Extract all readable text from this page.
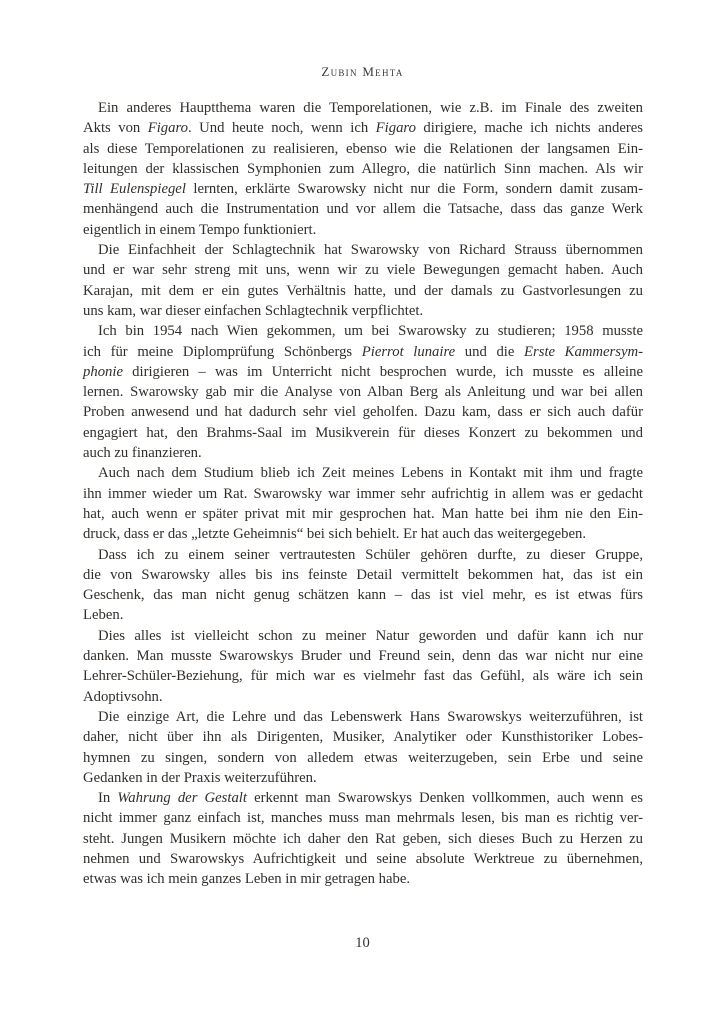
Zubin Mehta
Ein anderes Hauptthema waren die Temporelationen, wie z.B. im Finale des zweiten
Akts von Figaro. Und heute noch, wenn ich Figaro dirigiere, mache ich nichts anderes
als diese Temporelationen zu realisieren, ebenso wie die Relationen der langsamen Ein-
leitungen der klassischen Symphonien zum Allegro, die natürlich Sinn machen. Als wir
Till Eulenspiegel lernten, erklärte Swarowsky nicht nur die Form, sondern damit zusam-
menhängend auch die Instrumentation und vor allem die Tatsache, dass das ganze Werk
eigentlich in einem Tempo funktioniert.
Die Einfachheit der Schlagtechnik hat Swarowsky von Richard Strauss übernommen
und er war sehr streng mit uns, wenn wir zu viele Bewegungen gemacht haben. Auch
Karajan, mit dem er ein gutes Verhältnis hatte, und der damals zu Gastvorlesungen zu
uns kam, war dieser einfachen Schlagtechnik verpflichtet.
Ich bin 1954 nach Wien gekommen, um bei Swarowsky zu studieren; 1958 musste
ich für meine Diplomprüfung Schönbergs Pierrot lunaire und die Erste Kammersym-
phonie dirigieren – was im Unterricht nicht besprochen wurde, ich musste es alleine
lernen. Swarowsky gab mir die Analyse von Alban Berg als Anleitung und war bei allen
Proben anwesend und hat dadurch sehr viel geholfen. Dazu kam, dass er sich auch dafür
engagiert hat, den Brahms-Saal im Musikverein für dieses Konzert zu bekommen und
auch zu finanzieren.
Auch nach dem Studium blieb ich Zeit meines Lebens in Kontakt mit ihm und fragte
ihn immer wieder um Rat. Swarowsky war immer sehr aufrichtig in allem was er gedacht
hat, auch wenn er später privat mit mir gesprochen hat. Man hatte bei ihm nie den Ein-
druck, dass er das „letzte Geheimnis“ bei sich behielt. Er hat auch das weitergegeben.
Dass ich zu einem seiner vertrautesten Schüler gehören durfte, zu dieser Gruppe,
die von Swarowsky alles bis ins feinste Detail vermittelt bekommen hat, das ist ein
Geschenk, das man nicht genug schätzen kann – das ist viel mehr, es ist etwas fürs
Leben.
Dies alles ist vielleicht schon zu meiner Natur geworden und dafür kann ich nur
danken. Man musste Swarowskys Bruder und Freund sein, denn das war nicht nur eine
Lehrer-Schüler-Beziehung, für mich war es vielmehr fast das Gefühl, als wäre ich sein
Adoptivsohn.
Die einzige Art, die Lehre und das Lebenswerk Hans Swarowskys weiterzuführen, ist
daher, nicht über ihn als Dirigenten, Musiker, Analytiker oder Kunsthistoriker Lobes-
hymnen zu singen, sondern von alledem etwas weiterzugeben, sein Erbe und seine
Gedanken in der Praxis weiterzuführen.
In Wahrung der Gestalt erkennt man Swarowskys Denken vollkommen, auch wenn es
nicht immer ganz einfach ist, manches muss man mehrmals lesen, bis man es richtig ver-
steht. Jungen Musikern möchte ich daher den Rat geben, sich dieses Buch zu Herzen zu
nehmen und Swarowskys Aufrichtigkeit und seine absolute Werktreue zu übernehmen,
etwas was ich mein ganzes Leben in mir getragen habe.
10
